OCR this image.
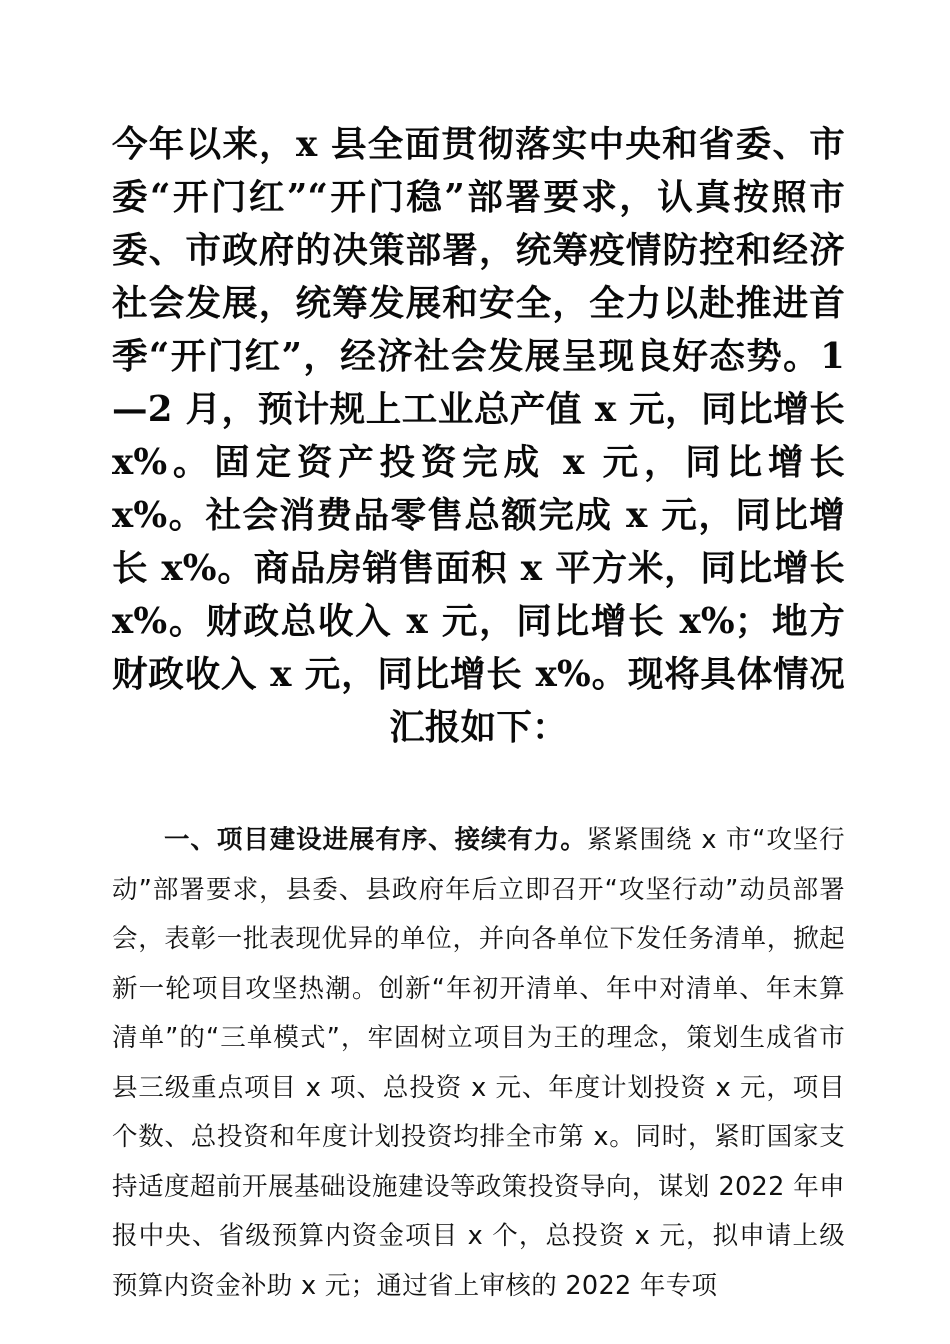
今年以来，x 县全面贯彻落实中央和省委、市委“开门红”“开门稳”部署要求，认真按照市委、市政府的决策部署，统筹疫情防控和经济社会发展，统筹发展和安全，全力以赴推进首季“开门红”，经济社会发展呈现良好态势。1—2 月，预计规上工业总产值 x 元，同比增长 x%。固定资产投资完成 x 元，同比增长 x%。社会消费品零售总额完成 x 元，同比增长 x%。商品房销售面积 x 平方米，同比增长 x%。财政总收入 x 元，同比增长 x%；地方财政收入 x 元，同比增长 x%。现将具体情况汇报如下：

一、项目建设进展有序、接续有力。紧紧围绕 x 市“攻坚行动”部署要求，县委、县政府年后立即召开“攻坚行动”动员部署会，表彰一批表现优异的单位，并向各单位下发任务清单，掀起新一轮项目攻坚热潮。创新“年初开清单、年中对清单、年末算清单”的“三单模式”，牢固树立项目为王的理念，策划生成省市县三级重点项目 x 项、总投资 x 元、年度计划投资 x 元，项目个数、总投资和年度计划投资均排全市第 x。同时，紧盯国家支持适度超前开展基础设施建设等政策投资导向，谋划 2022 年申报中央、省级预算内资金项目 x 个，总投资 x 元，拟申请上级预算内资金补助 x 元；通过省上审核的 2022 年专项
